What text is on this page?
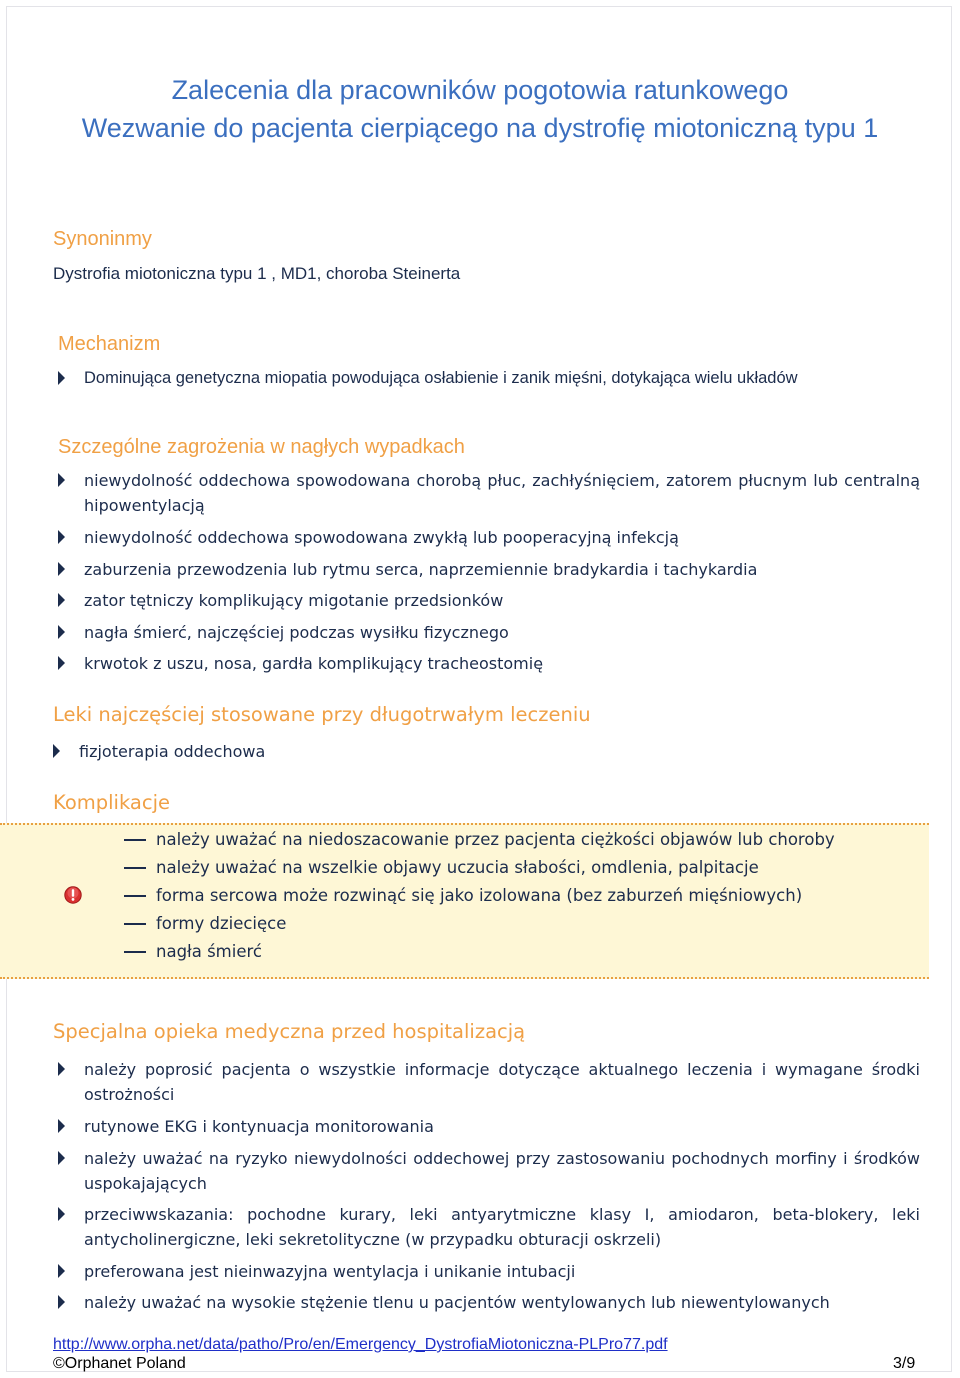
Zalecenia dla pracowników pogotowia ratunkowego
Wezwanie do pacjenta cierpiącego na dystrofię miotoniczną typu 1
Synoninmy
Dystrofia miotoniczna typu 1 , MD1, choroba Steinerta
Mechanizm
Dominująca genetyczna miopatia powodująca osłabienie i zanik mięśni, dotykająca wielu układów
Szczególne zagrożenia w nagłych wypadkach
niewydolność oddechowa spowodowana chorobą płuc, zachłyśnięciem, zatorem płucnym lub centralną hipowentylacją
niewydolność oddechowa spowodowana zwykłą lub pooperacyjną infekcją
zaburzenia przewodzenia lub rytmu serca, naprzemiennie bradykardia i tachykardia
zator tętniczy komplikujący migotanie przedsionków
nagła śmierć, najczęściej podczas wysiłku fizycznego
krwotok z uszu, nosa, gardła komplikujący tracheostomię
Leki najczęściej stosowane przy długotrwałym leczeniu
fizjoterapia oddechowa
Komplikacje
należy uważać na niedoszacowanie przez pacjenta ciężkości objawów lub choroby
należy uważać na wszelkie objawy uczucia słabości, omdlenia, palpitacje
forma sercowa może rozwinąć się jako izolowana (bez zaburzeń mięśniowych)
formy dziecięce
nagła śmierć
Specjalna opieka medyczna przed hospitalizacją
należy poprosić pacjenta o wszystkie informacje dotyczące aktualnego leczenia i wymagane środki ostrożności
rutynowe EKG i kontynuacja monitorowania
należy uważać na ryzyko niewydolności oddechowej przy zastosowaniu pochodnych morfiny i środków uspokajających
przeciwwskazania: pochodne kurary, leki antyarytmiczne klasy I, amiodaron, beta-blokery, leki antycholinergiczne, leki sekretolityczne (w przypadku obturacji oskrzeli)
preferowana jest nieinwazyjna wentylacja i unikanie intubacji
należy uważać na wysokie stężenie tlenu u pacjentów wentylowanych lub niewentylowanych
http://www.orpha.net/data/patho/Pro/en/Emergency_DystrofiaMiotoniczna-PLPro77.pdf
©Orphanet Poland	3/9
